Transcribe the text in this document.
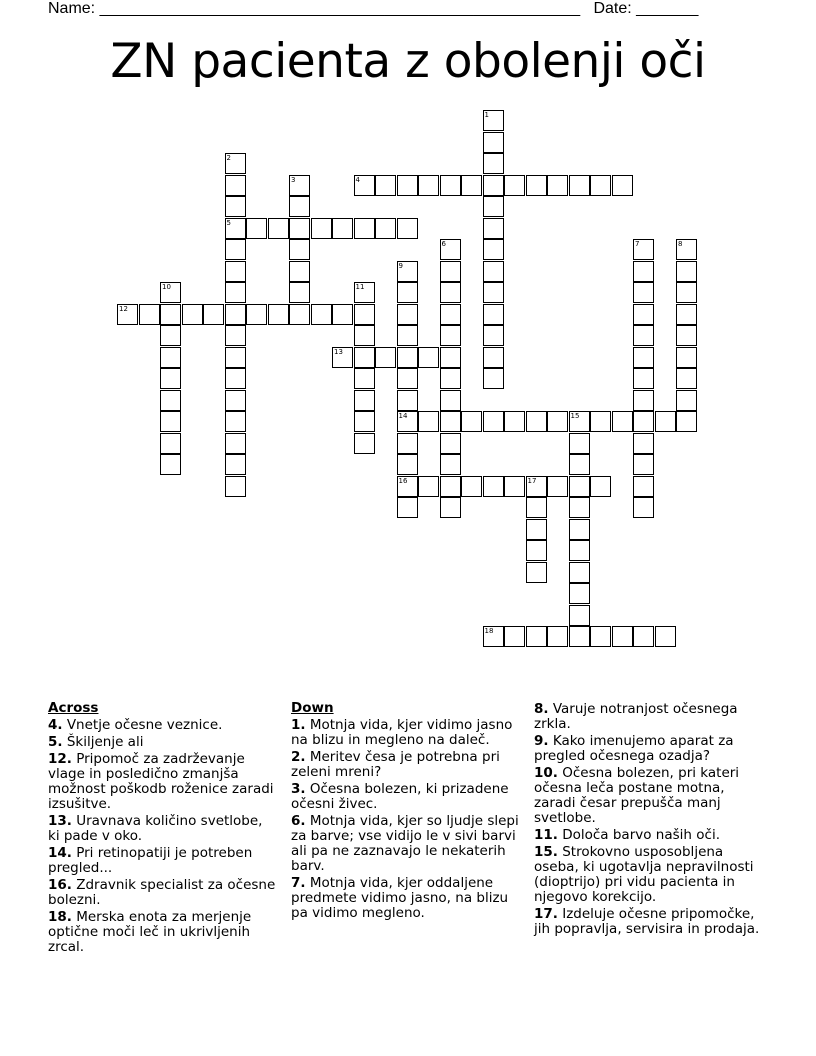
Name: ______________________________________________________ Date: _______
ZN pacienta z obolenji oči
1
2
5
3	4
6	7	8
9
14
16
10	11
12
13
15
17
18
Across
4. Vnetje očesne veznice.
5. Škiljenje ali
12. Pripomoč za zadrževanje vlage in posledično zmanjša možnost poškodb roženice zaradi izsušitve.
13. Uravnava količino svetlobe, ki pade v oko.
14. Pri retinopatiji je potreben pregled...
16. Zdravnik specialist za očesne bolezni.
18. Merska enota za merjenje optične moči leč in ukrivljenih zrcal.
Down
1. Motnja vida, kjer vidimo jasno na blizu in megleno na daleč.
2. Meritev česa je potrebna pri zeleni mreni?
3. Očesna bolezen, ki prizadene očesni živec.
6. Motnja vida, kjer so ljudje slepi za barve; vse vidijo le v sivi barvi ali pa ne zaznavajo le nekaterih barv.
7. Motnja vida, kjer oddaljene predmete vidimo jasno, na blizu pa vidimo megleno.
8. Varuje notranjost očesnega zrkla.
9. Kako imenujemo aparat za pregled očesnega ozadja?
10. Očesna bolezen, pri kateri očesna leča postane motna, zaradi česar prepušča manj svetlobe.
11. Določa barvo naših oči.
15. Strokovno usposobljena oseba, ki ugotavlja nepravilnosti (dioptrijo) pri vidu pacienta in njegovo korekcijo.
17. Izdeluje očesne pripomočke, jih popravlja, servisira in prodaja.
